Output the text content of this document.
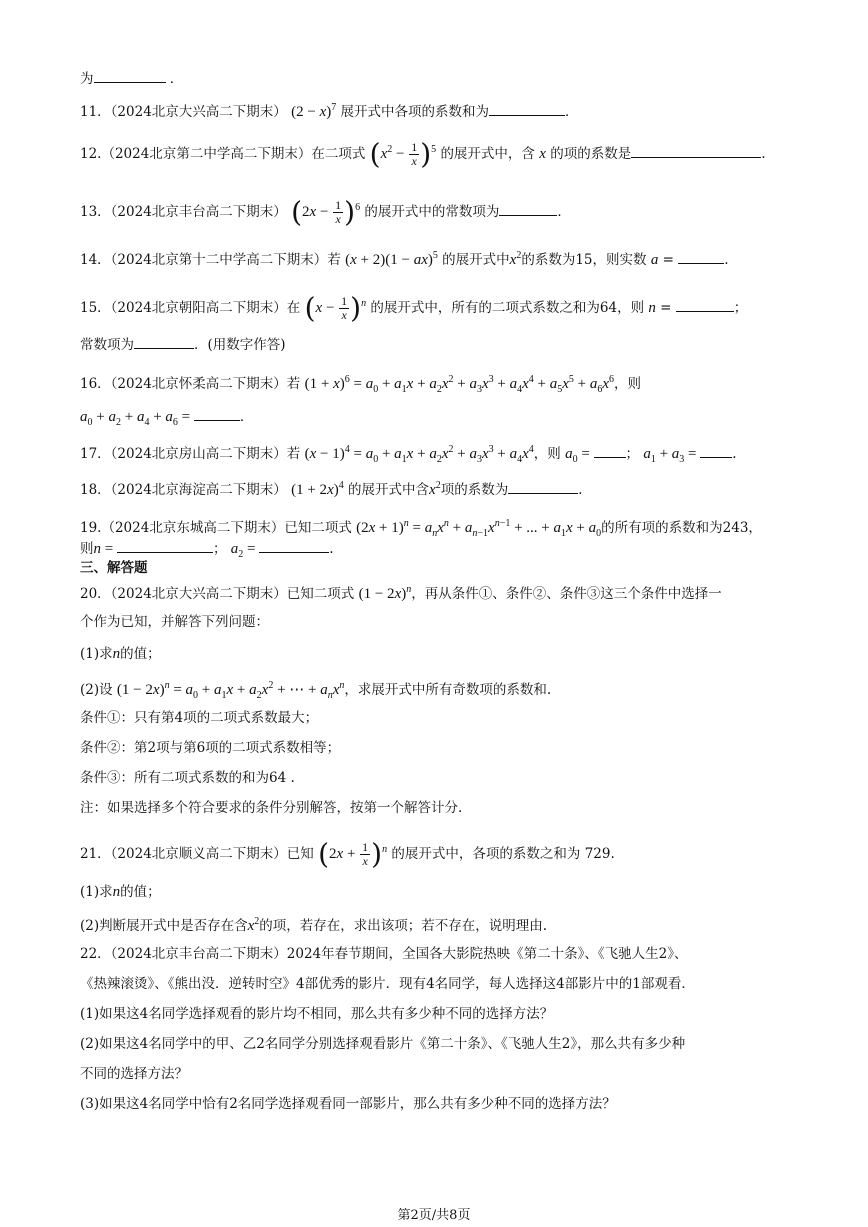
为	．
11．（2024北京大兴高二下期末） $(2 - x)^7$ 展开式中各项的系数和为	．
12.（2024北京第二中学高二下期末）在二项式 $(x^2 - \frac{1}{x} )^5$ 的展开式中，含 x 的项的系数是	.
13．（2024北京丰台高二下期末） $(2x - \frac{1}{x} )^6$ 的展开式中的常数项为	．
14．（2024北京第十二中学高二下期末）若 (x + 2)(1 − ax)$^5$ 的展开式中$x^2$的系数为15，则实数 a =	.
15．（2024北京朝阳高二下期末）在 $(x - \frac{1}{x} )^n$ 的展开式中，所有的二项式系数之和为64，则 n =	；
常数项为	．(用数字作答)
16．（2024北京怀柔高二下期末）若 $(1 + x)^6 = a_0 + a_1x + a_2x^2 + a_3x^3 + a_4x^4 + a_5x^5 + a_6x^6$，则
$a_0 + a_2 + a_4 + a_6$ =	．
17．（2024北京房山高二下期末）若 $(x - 1)^4 = a_0 + a_1x + a_2x^2 + a_3x^3 + a_4x^4$，则 $a_0$ = ； $a_1 + a_3$ = .
18．（2024北京海淀高二下期末） $(1 + 2x)^4$ 的展开式中含$x^2$项的系数为	．
19.（2024北京东城高二下期末）已知二项式 $(2x + 1)^n = a_nx^n + a_{n-1}x^{n-1}$ + ... + $a_1x + a_0$的所有项的系数和为243，
则n =	； $a_2$ =	.
三、解答题
20．（2024北京大兴高二下期末）已知二项式 $(1 - 2x)^n$，再从条件①、条件②、条件③这三个条件中选择一
个作为已知，并解答下列问题：
(1)求n的值；
(2)设 $(1 - 2x)^n = a_0 + a_1x + a_2x^2$ + ⋯ + $a_nx^n$，求展开式中所有奇数项的系数和.
条件①：只有第4项的二项式系数最大；
条件②：第2项与第6项的二项式系数相等；
条件③：所有二项式系数的和为64 .
注：如果选择多个符合要求的条件分别解答，按第一个解答计分.
21．（2024北京顺义高二下期末）已知 $(2x + \frac{1}{x} )^n$ 的展开式中，各项的系数之和为 729.
(1)求n的值；
(2)判断展开式中是否存在含$x^2$的项，若存在，求出该项；若不存在，说明理由.
22．（2024北京丰台高二下期末）2024年春节期间，全国各大影院热映《第二十条》、《飞驰人生2》、
《热辣滚烫》、《熊出没．逆转时空》4部优秀的影片．现有4名同学，每人选择这4部影片中的1部观看．
(1)如果这4名同学选择观看的影片均不相同，那么共有多少种不同的选择方法？
(2)如果这4名同学中的甲、乙2名同学分别选择观看影片《第二十条》、《飞驰人生2》，那么共有多少种
不同的选择方法？
(3)如果这4名同学中恰有2名同学选择观看同一部影片，那么共有多少种不同的选择方法？
第2页/共8页
